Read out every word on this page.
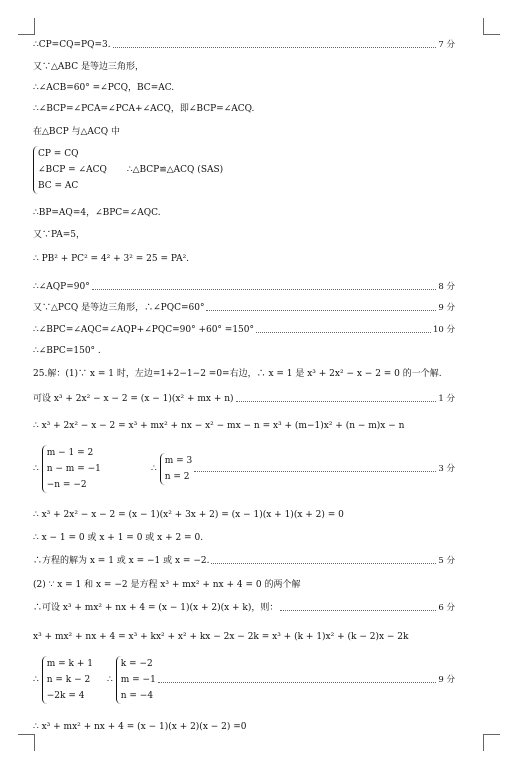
∴CP=CQ=PQ=3.	7 分
又∵△ABC 是等边三角形，
∴∠ACB=60° =∠PCQ，BC=AC.
∴∠BCP=∠PCA=∠PCA+∠ACQ，即∠BCP=∠ACQ.
在△BCP 与△ACQ 中
CP = CQ
∠BCP = ∠ACQ
BC = AC
∴△BCP≌△ACQ (SAS)
∴BP=AQ=4，∠BPC=∠AQC.
又∵PA=5，
∴ PB² + PC² = 4² + 3² = 25 = PA².
∴∠AQP=90°	8 分
又∵△PCQ 是等边三角形，∴∠PQC=60°	9 分
∴∠BPC=∠AQC=∠AQP+∠PQC=90° +60° =150°	10 分
∴∠BPC=150° .
25.解：(1)∵ x = 1 时，左边=1+2−1−2 =0=右边，∴ x = 1 是 x³ + 2x² − x − 2 = 0 的一个解.
可设 x³ + 2x² − x − 2 = (x − 1)(x² + mx + n)	1 分
∴ x³ + 2x² − x − 2 = x³ + mx² + nx − x² − mx − n = x³ + (m−1)x² + (n − m)x − n
∴
m − 1 = 2
n − m = −1
−n = −2
∴
m = 3
n = 2
3 分
∴ x³ + 2x² − x − 2 = (x − 1)(x² + 3x + 2) = (x − 1)(x + 1)(x + 2) = 0
∴ x − 1 = 0 或 x + 1 = 0 或 x + 2 = 0.
∴方程的解为 x = 1 或 x = −1 或 x = −2.	5 分
(2) ∵ x = 1 和 x = −2 是方程 x³ + mx² + nx + 4 = 0 的两个解
∴可设 x³ + mx² + nx + 4 = (x − 1)(x + 2)(x + k)，则：	6 分
x³ + mx² + nx + 4 = x³ + kx² + x² + kx − 2x − 2k = x³ + (k + 1)x² + (k − 2)x − 2k
∴
m = k + 1
n = k − 2
−2k = 4
∴
k = −2
m = −1
n = −4
9 分
∴ x³ + mx² + nx + 4 = (x − 1)(x + 2)(x − 2) =0
